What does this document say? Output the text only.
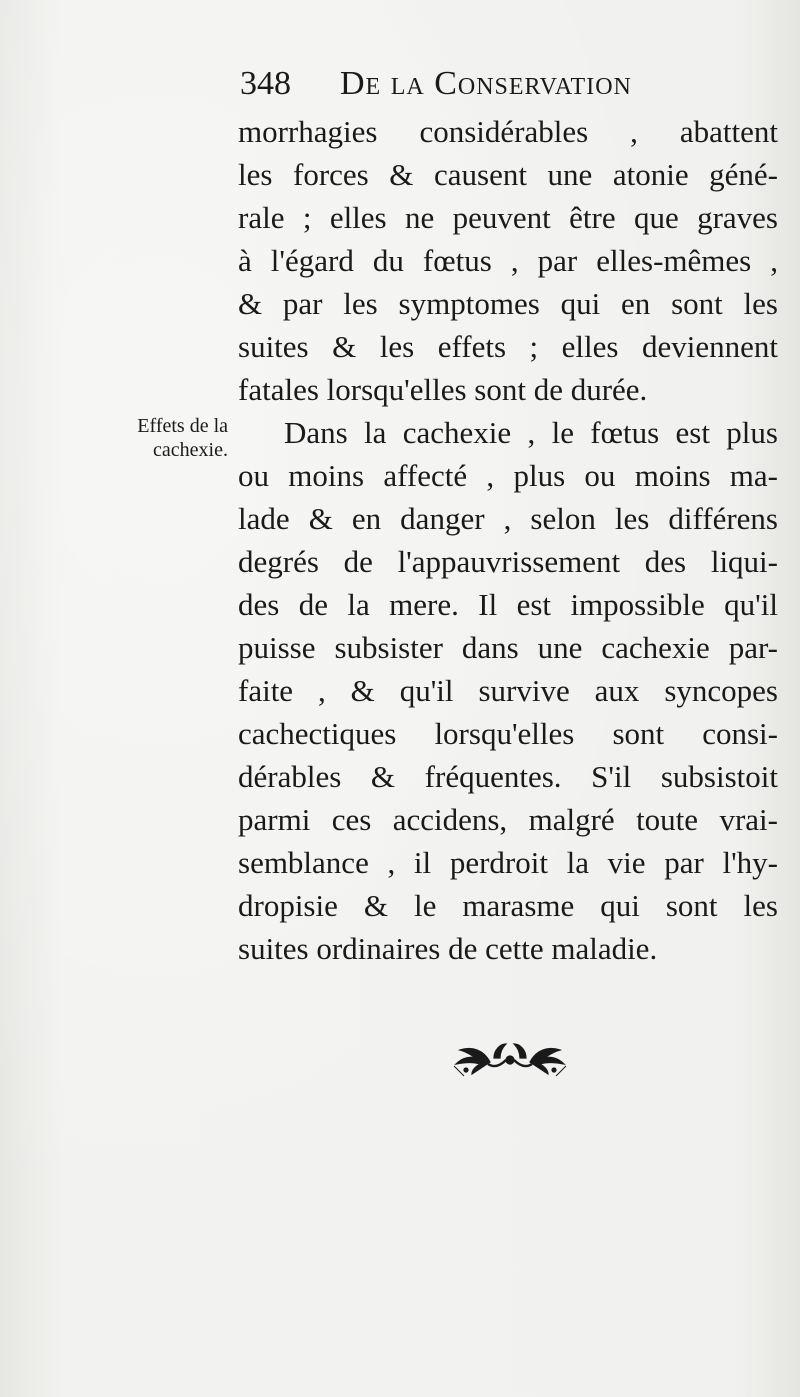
348 De la Conservation
Effets de la
cachexie.
morrhagies considérables , abattent
les forces & causent une atonie géné-
rale ; elles ne peuvent être que graves
à l'égard du fœtus , par elles-mêmes ,
& par les symptomes qui en sont les
suites & les effets ; elles deviennent
fatales lorsqu'elles sont de durée.
Dans la cachexie , le fœtus est plus
ou moins affecté , plus ou moins ma-
lade & en danger , selon les différens
degrés de l'appauvrissement des liqui-
des de la mere. Il est impossible qu'il
puisse subsister dans une cachexie par-
faite , & qu'il survive aux syncopes
cachectiques lorsqu'elles sont consi-
dérables & fréquentes. S'il subsistoit
parmi ces accidens, malgré toute vrai-
semblance , il perdroit la vie par l'hy-
dropisie & le marasme qui sont les
suites ordinaires de cette maladie.
